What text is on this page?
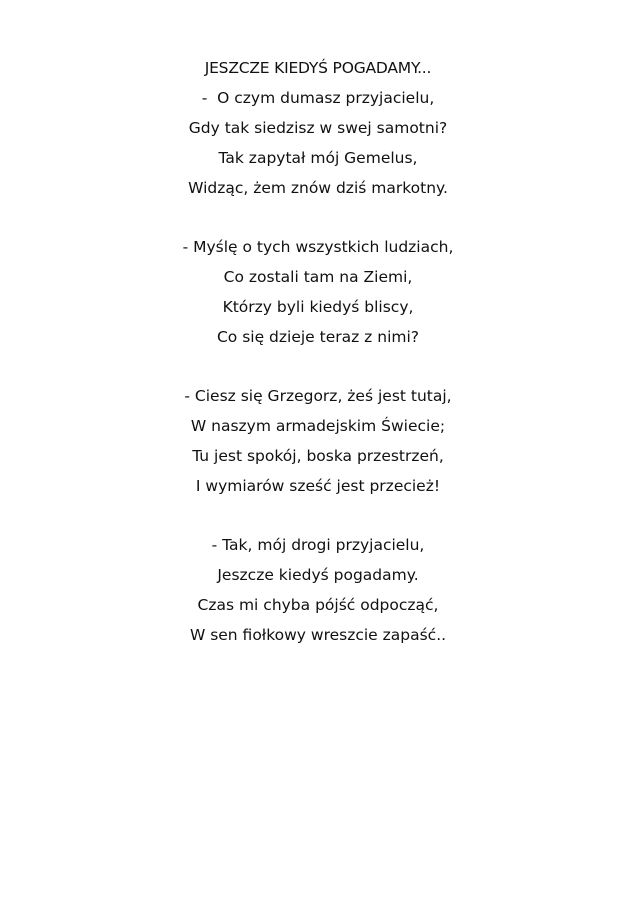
JESZCZE KIEDYŚ POGADAMY...
-  O czym dumasz przyjacielu,
Gdy tak siedzisz w swej samotni?
Tak zapytał mój Gemelus,
Widząc, żem znów dziś markotny.
- Myślę o tych wszystkich ludziach,
Co zostali tam na Ziemi,
Którzy byli kiedyś bliscy,
Co się dzieje teraz z nimi?
- Ciesz się Grzegorz, żeś jest tutaj,
W naszym armadejskim Świecie;
Tu jest spokój, boska przestrzeń,
I wymiarów sześć jest przecież!
- Tak, mój drogi przyjacielu,
Jeszcze kiedyś pogadamy.
Czas mi chyba pójść odpocząć,
W sen fiołkowy wreszcie zapaść..
